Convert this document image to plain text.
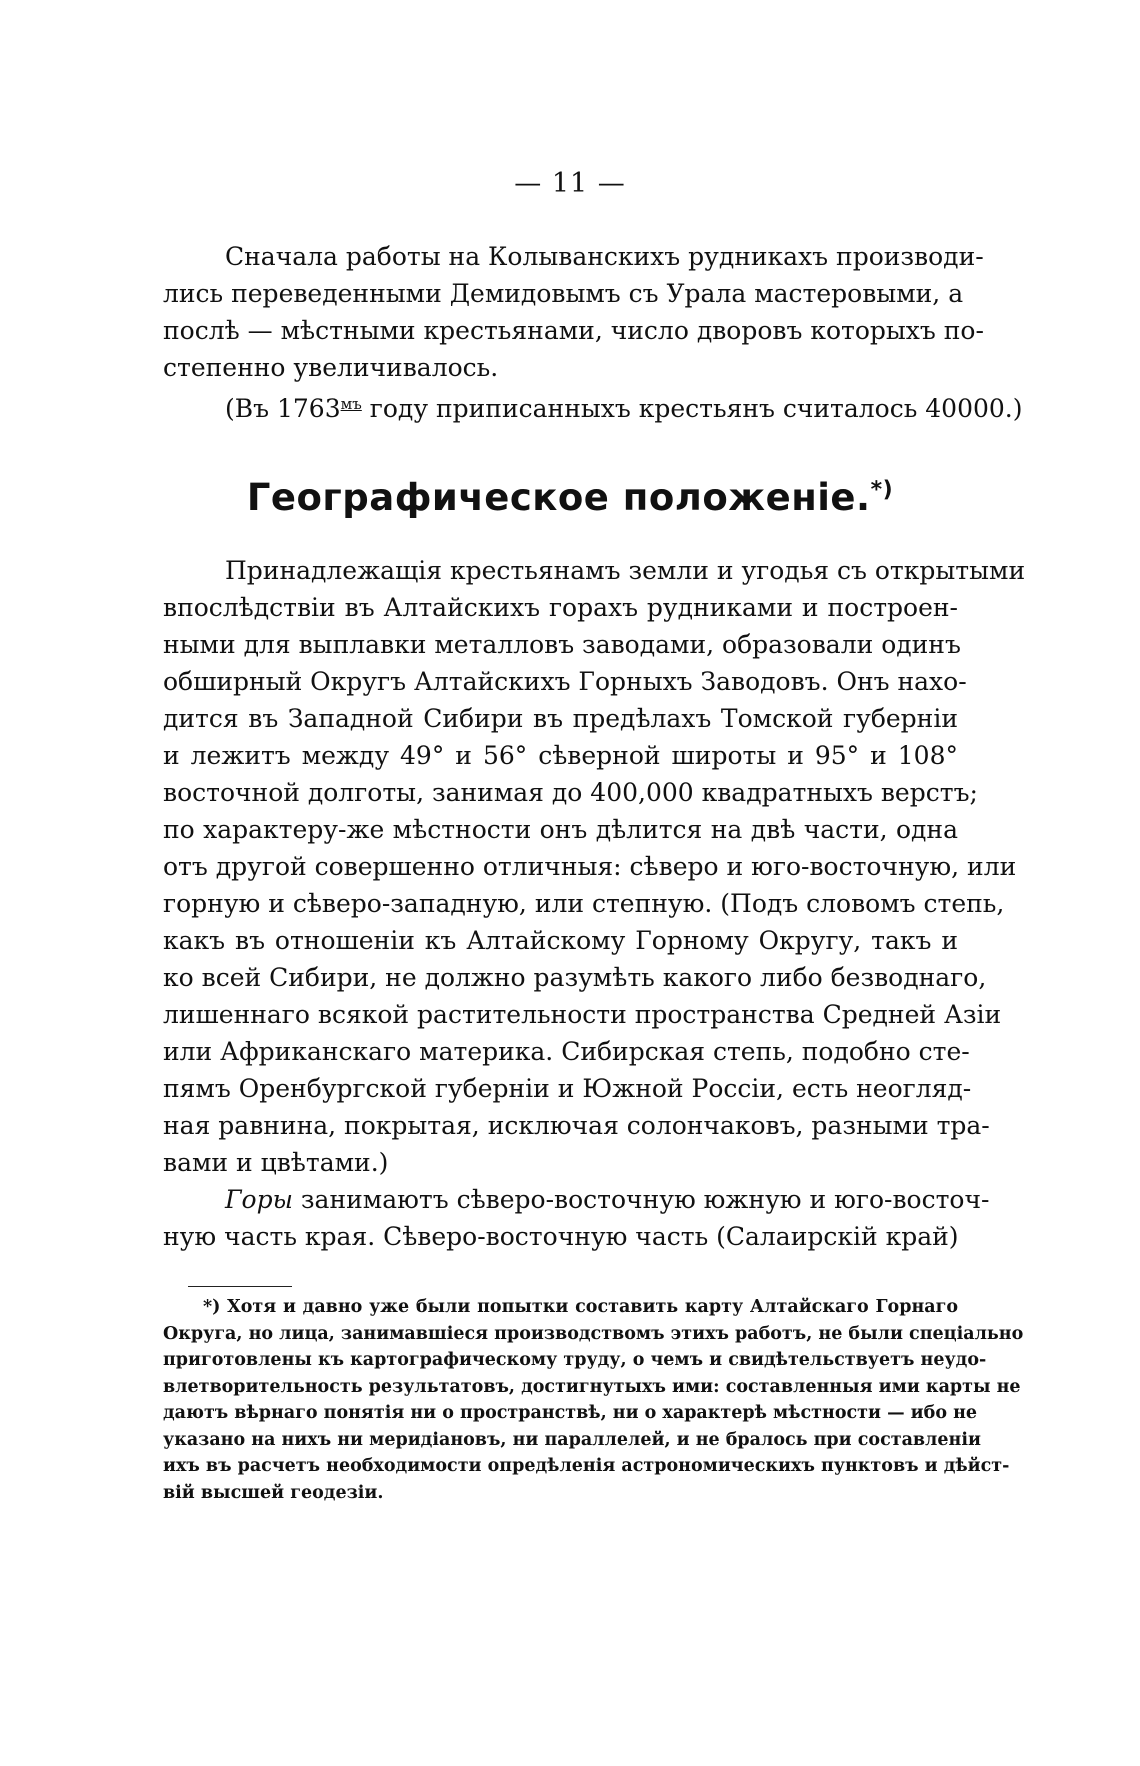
— 11 —
Сначала работы на Колыванскихъ рудникахъ производи-
лись переведенными Демидовымъ съ Урала мастеровыми, а
послѣ — мѣстными крестьянами, число дворовъ которыхъ по-
степенно увеличивалось.
(Въ $1763^{мъ}$ году приписанныхъ крестьянъ считалось 40000.)
Географическое положеніе.*)
Принадлежащія крестьянамъ земли и угодья съ открытыми
впослѣдствіи въ Алтайскихъ горахъ рудниками и построен-
ными для выплавки металловъ заводами, образовали одинъ
обширный Округъ Алтайскихъ Горныхъ Заводовъ. Онъ нахо-
дится въ Западной Сибири въ предѣлахъ Томской губерніи
и лежитъ между 49° и 56° сѣверной широты и 95° и 108°
восточной долготы, занимая до 400,000 квадратныхъ верстъ;
по характеру-же мѣстности онъ дѣлится на двѣ части, одна
отъ другой совершенно отличныя: сѣверо и юго-восточную, или
горную и сѣверо-западную, или степную. (Подъ словомъ степь,
какъ въ отношеніи къ Алтайскому Горному Округу, такъ и
ко всей Сибири, не должно разумѣть какого либо безводнаго,
лишеннаго всякой растительности пространства Средней Азіи
или Африканскаго материка. Сибирская степь, подобно сте-
пямъ Оренбургской губерніи и Южной Россіи, есть неогляд-
ная равнина, покрытая, исключая солончаковъ, разными тра-
вами и цвѣтами.)
Горы занимаютъ сѣверо-восточную южную и юго-восточ-
ную часть края. Сѣверо-восточную часть (Салаирскій край)
*) Хотя и давно уже были попытки составить карту Алтайскаго Горнаго
Округа, но лица, занимавшіеся производствомъ этихъ работъ, не были спеціально
приготовлены къ картографическому труду, о чемъ и свидѣтельствуетъ неудо-
влетворительность результатовъ, достигнутыхъ ими: составленныя ими карты не
даютъ вѣрнаго понятія ни о пространствѣ, ни о характерѣ мѣстности — ибо не
указано на нихъ ни меридіановъ, ни параллелей, и не бралось при составленіи
ихъ въ расчетъ необходимости опредѣленія астрономическихъ пунктовъ и дѣйст-
вій высшей геодезіи.
